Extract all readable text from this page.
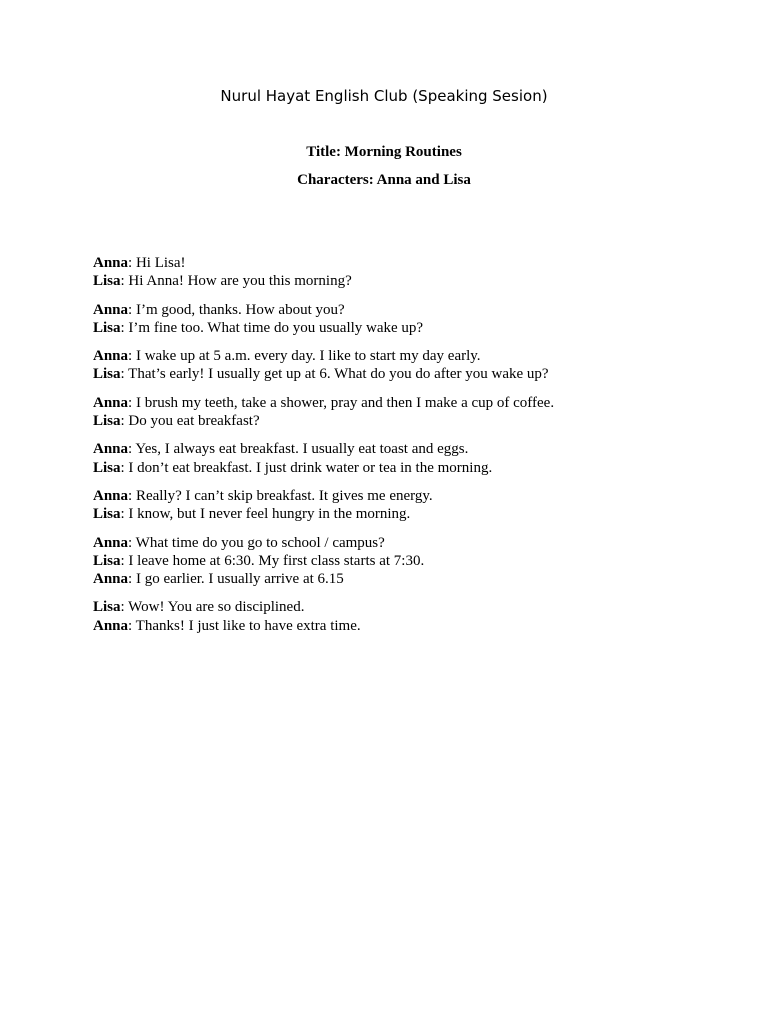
Nurul Hayat English Club (Speaking Sesion)
Title: Morning Routines
Characters: Anna and Lisa
Anna: Hi Lisa!
Lisa: Hi Anna! How are you this morning?
Anna: I’m good, thanks. How about you?
Lisa: I’m fine too. What time do you usually wake up?
Anna: I wake up at 5 a.m. every day. I like to start my day early.
Lisa: That’s early! I usually get up at 6. What do you do after you wake up?
Anna: I brush my teeth, take a shower, pray and then I make a cup of coffee.
Lisa: Do you eat breakfast?
Anna: Yes, I always eat breakfast. I usually eat toast and eggs.
Lisa: I don’t eat breakfast. I just drink water or tea in the morning.
Anna: Really? I can’t skip breakfast. It gives me energy.
Lisa: I know, but I never feel hungry in the morning.
Anna: What time do you go to school / campus?
Lisa: I leave home at 6:30. My first class starts at 7:30.
Anna: I go earlier. I usually arrive at 6.15
Lisa: Wow! You are so disciplined.
Anna: Thanks! I just like to have extra time.
